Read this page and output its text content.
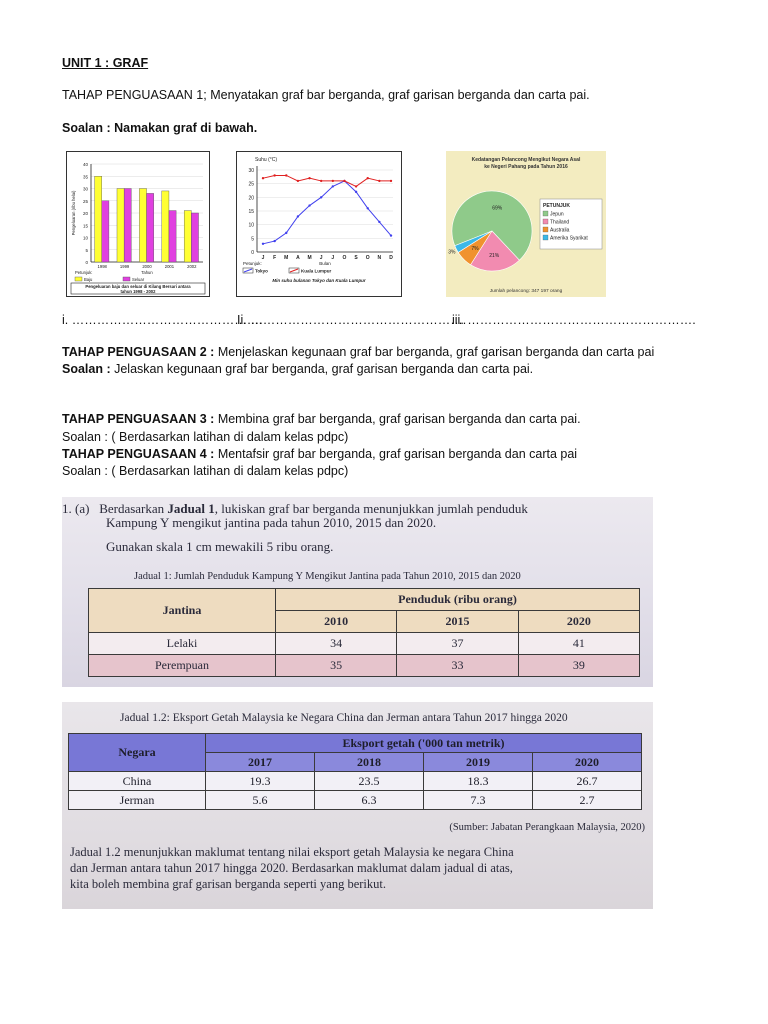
UNIT 1 : GRAF
TAHAP PENGUASAAN 1; Menyatakan graf bar berganda, graf garisan berganda dan carta pai.
Soalan : Namakan graf di bawah.
0
5
10
15
20
25
30
35
40
Pengeluaran (ribu helai)
1998	1999	2000	2001	2002
Tahun
Petunjuk:
Baju	Seluar
Pengeluaran baju dan seluar di Kilang Bersari antara
tahun 1998 - 2002
Suhu (°C)
0
5
10
15
20
25
30
J F M A M J J O S O N D
Bulan
Petunjuk:
Tokyo	Kuala Lumpur
Min suhu bulanan Tokyo dan Kuala Lumpur
Kedatangan Pelancong Mengikut Negara Asal
ke Negeri Pahang pada Tahun 2016
69%
21%
7%
3%
PETUNJUK
Jepun
Thailand
Australia
Amerika Syarikat
Jumlah pelancong: 347 197 orang
i. ……………………………………….
Ii. …………………………………………….
iii. ……………………………………………….
TAHAP PENGUASAAN 2 : Menjelaskan kegunaan graf bar berganda, graf garisan berganda dan carta pai
Soalan : Jelaskan kegunaan graf bar berganda, graf garisan berganda dan carta pai.
TAHAP PENGUASAAN 3 : Membina graf bar berganda, graf garisan berganda dan carta pai.
Soalan : ( Berdasarkan latihan di dalam kelas pdpc)
TAHAP PENGUASAAN 4 : Mentafsir graf bar berganda, graf garisan berganda dan carta pai
Soalan : ( Berdasarkan latihan di dalam kelas pdpc)
1. (a) Berdasarkan Jadual 1, lukiskan graf bar berganda menunjukkan jumlah penduduk
Kampung Y mengikut jantina pada tahun 2010, 2015 dan 2020.
Gunakan skala 1 cm mewakili 5 ribu orang.
Jadual 1: Jumlah Penduduk Kampung Y Mengikut Jantina pada Tahun 2010, 2015 dan 2020
Jantina	Penduduk (ribu orang)		
	2010	2015	2020
Lelaki	34	37	41
Perempuan	35	33	39
Jadual 1.2: Eksport Getah Malaysia ke Negara China dan Jerman antara Tahun 2017 hingga 2020
Negara	Eksport getah ('000 tan metrik)			
	2017	2018	2019	2020
China	19.3	23.5	18.3	26.7
Jerman	5.6	6.3	7.3	2.7
(Sumber: Jabatan Perangkaan Malaysia, 2020)
Jadual 1.2 menunjukkan maklumat tentang nilai eksport getah Malaysia ke negara China
dan Jerman antara tahun 2017 hingga 2020. Berdasarkan maklumat dalam jadual di atas,
kita boleh membina graf garisan berganda seperti yang berikut.
